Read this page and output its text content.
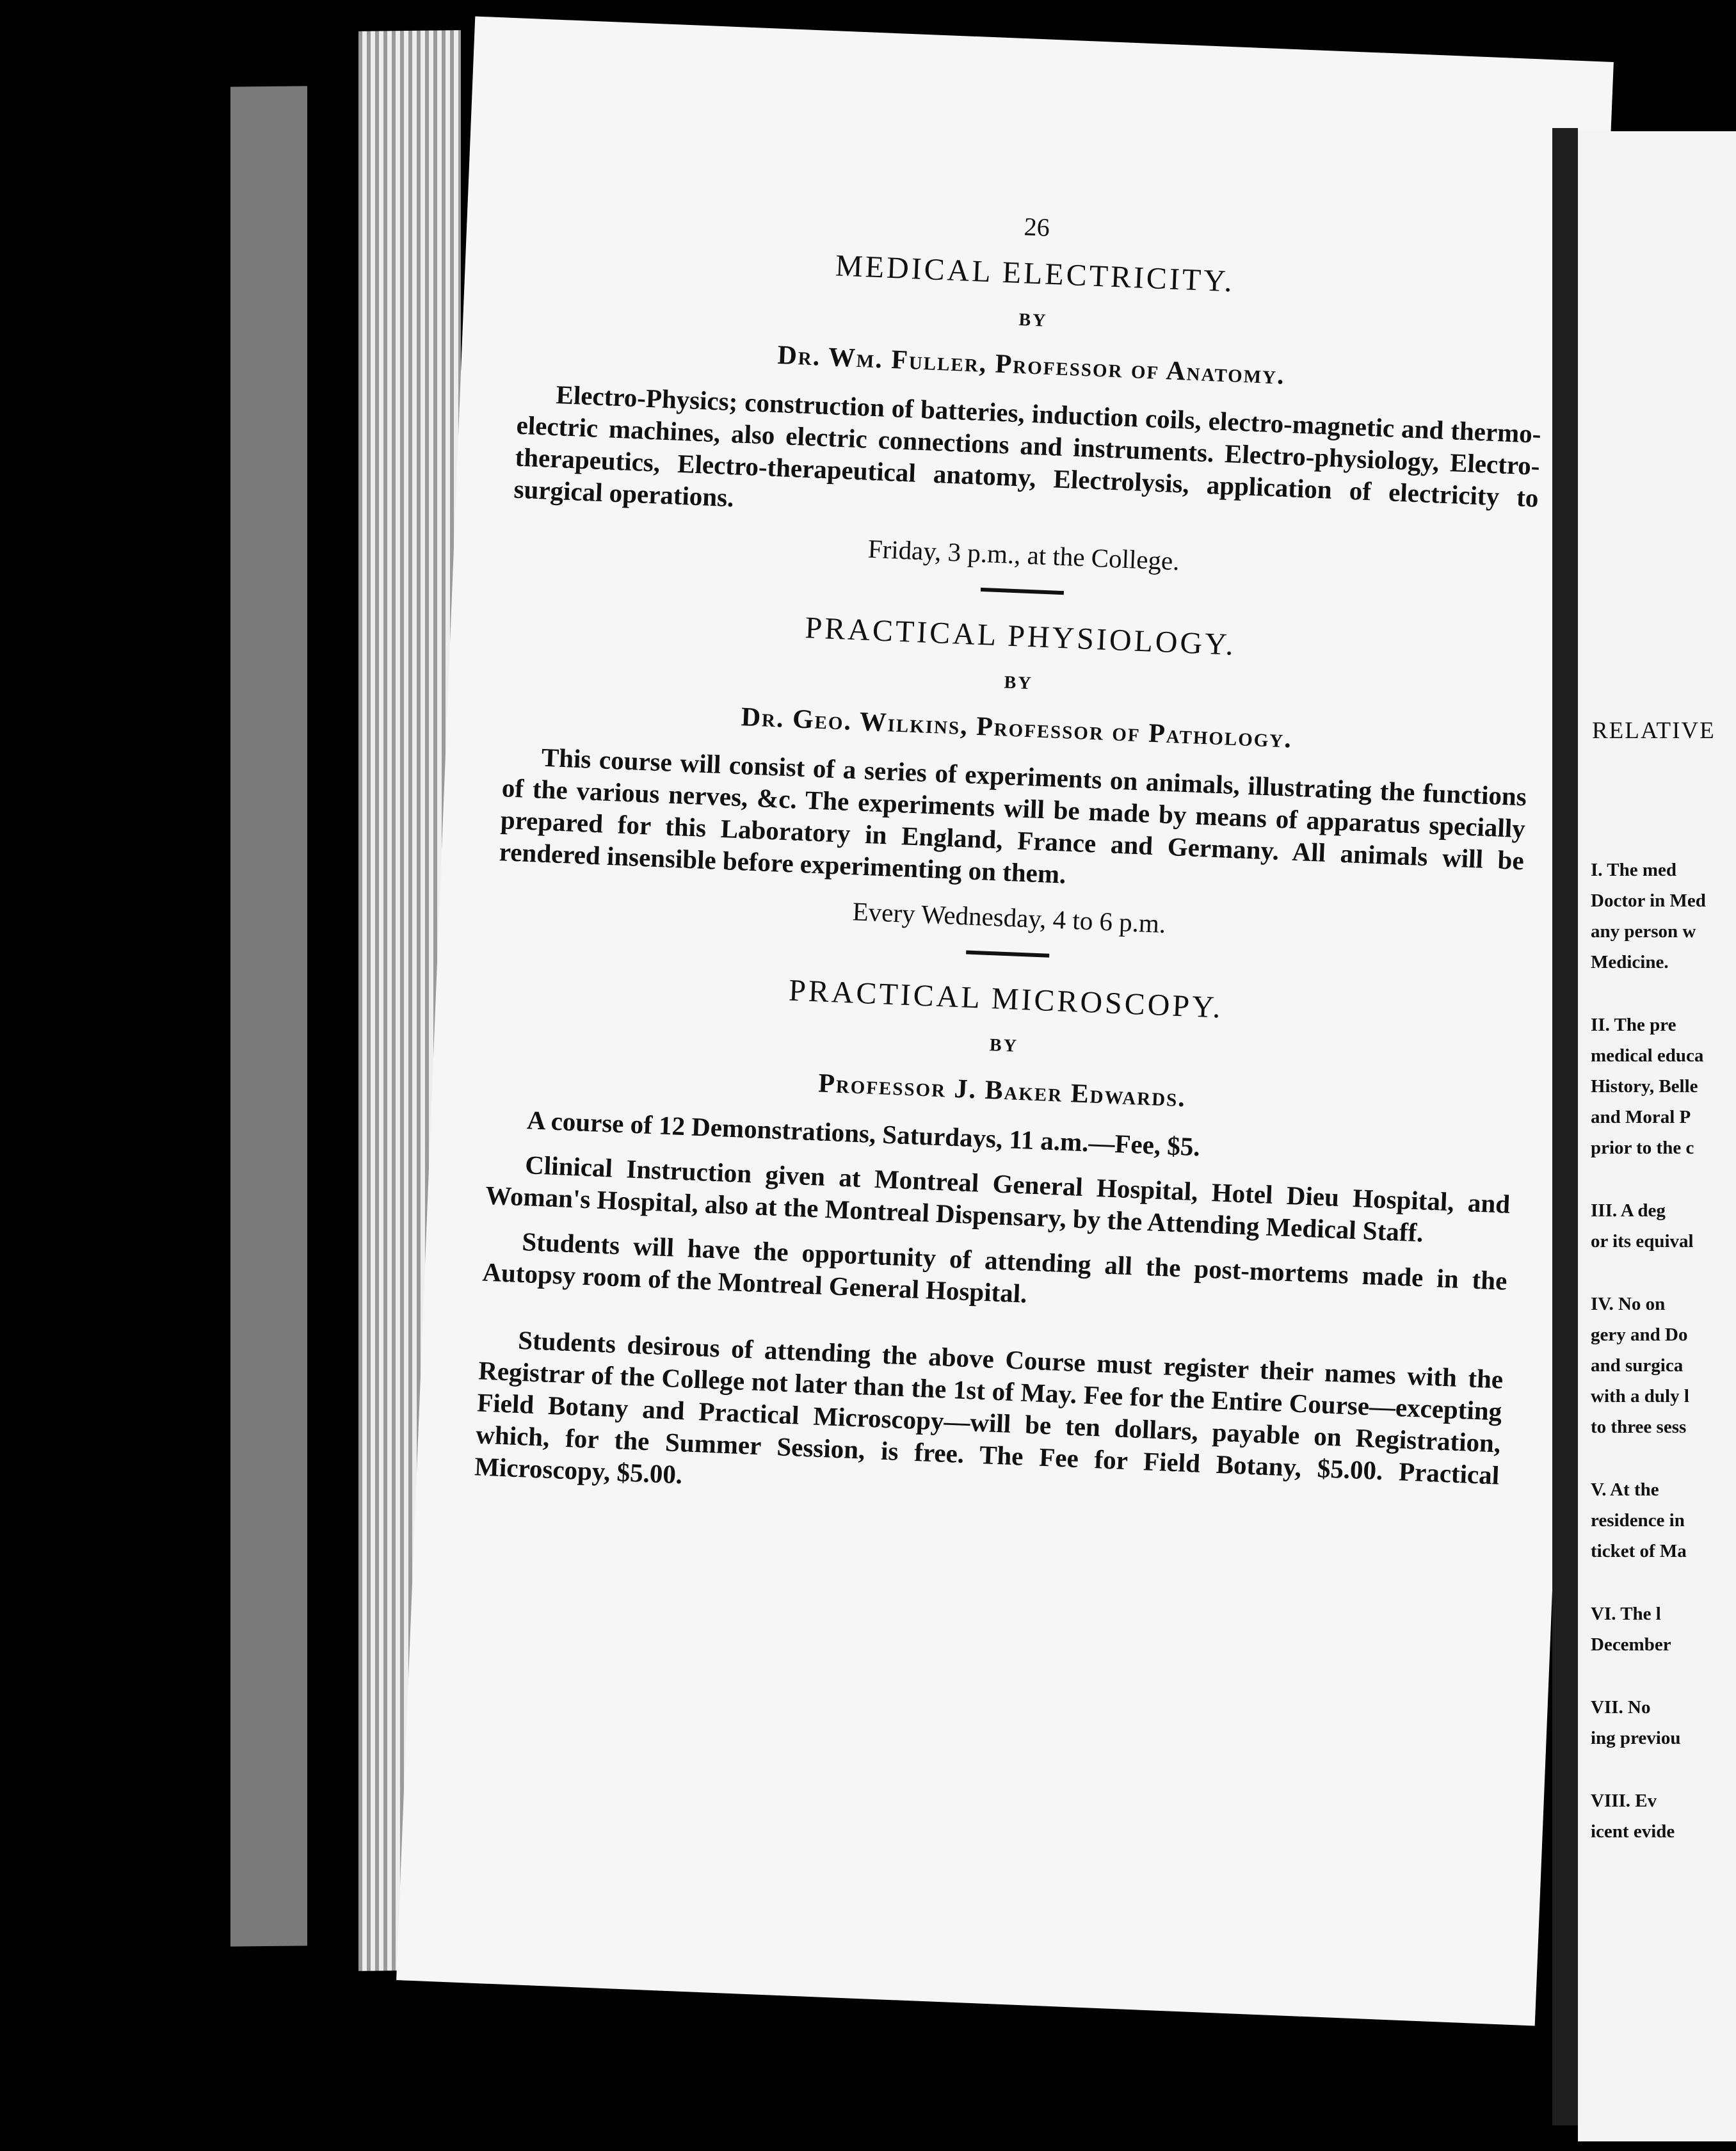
26
MEDICAL ELECTRICITY.
BY
Dr. Wm. Fuller, Professor of Anatomy.

Electro-Physics; construction of batteries, induction coils, electro-magnetic and thermo-electric machines, also electric connections and instruments. Electro-physiology, Electro-therapeutics, Electro-therapeutical anatomy, Electrolysis, application of electricity to surgical operations.

Friday, 3 p.m., at the College.
PRACTICAL PHYSIOLOGY.
BY
Dr. Geo. Wilkins, Professor of Pathology.

This course will consist of a series of experiments on animals, illustrating the functions of the various nerves, &c. The experiments will be made by means of apparatus specially prepared for this Laboratory in England, France and Germany. All animals will be rendered insensible before experimenting on them.

Every Wednesday, 4 to 6 p.m.
PRACTICAL MICROSCOPY.
BY
Professor J. Baker Edwards.

A course of 12 Demonstrations, Saturdays, 11 a.m.—Fee, $5.

Clinical Instruction given at Montreal General Hospital, Hotel Dieu Hospital, and Woman's Hospital, also at the Montreal Dispensary, by the Attending Medical Staff.

Students will have the opportunity of attending all the post-mortems made in the Autopsy room of the Montreal General Hospital.

Students desirous of attending the above Course must register their names with the Registrar of the College not later than the 1st of May. Fee for the Entire Course—excepting Field Botany and Practical Microscopy—will be ten dollars, payable on Registration, which, for the Summer Session, is free. The Fee for Field Botany, $5.00. Practical Microscopy, $5.00.

RELATIVE
I. The med
Doctor in Med
any person w
Medicine.
II. The pre
medical educa
History, Belle
and Moral P
prior to the c
III. A deg
or its equival
IV. No on
gery and Do
and surgica
with a duly l
to three sess
V. At the
residence in
ticket of Ma
VI. The l
December
VII. No
ing previou
VIII. Ev
icent evide
